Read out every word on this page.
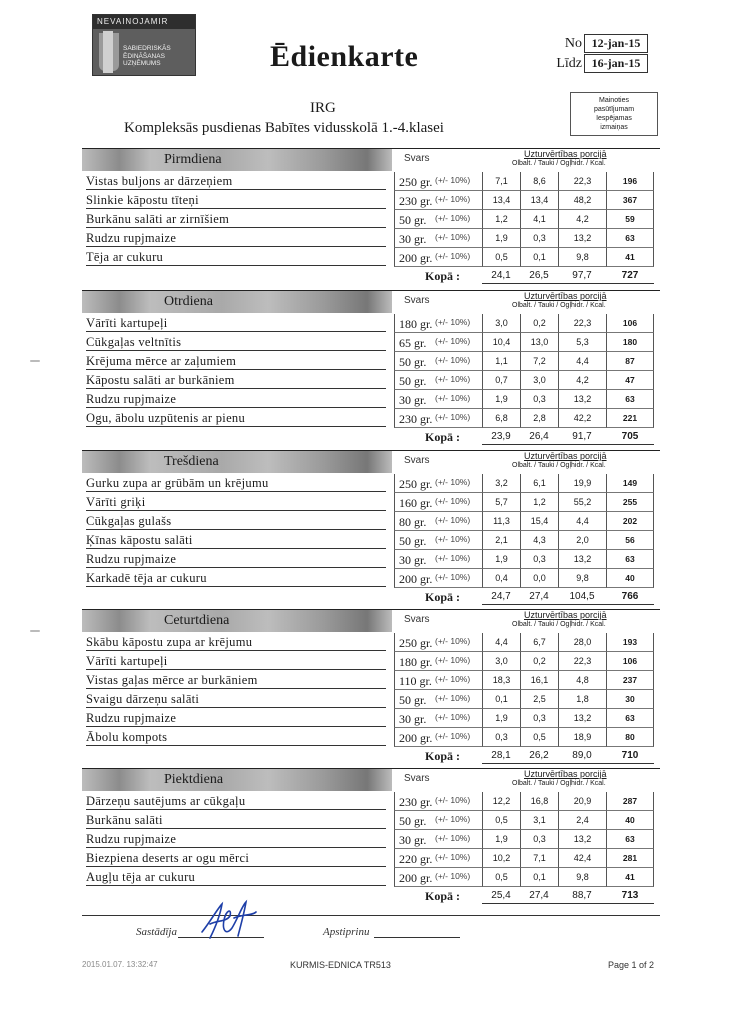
NEVAINOJAMIR
SABIEDRISKĀS
ĒDINĀŠANAS
UZŅĒMUMS	Ēdienkarte	No 12-jan-15
Līdz 16-jan-15
Mainoties
pasūtījumam
Iespējamas
izmaiņas
IRG
Kompleksās pusdienas Babītes vidusskolā 1.-4.klasei
Pirmdiena	Svars	Uzturvērtības porcijā
Olbalt. / Tauki / Ogļhidr. / Kcal.
Vistas buljons ar dārzeņiem	250 gr. (+/- 10%)	7,1	8,6	22,3	196
Slinkie kāpostu tīteņi	230 gr. (+/- 10%)	13,4	13,4	48,2	367
Burkānu salāti ar zirnīšiem	50 gr. (+/- 10%)	1,2	4,1	4,2	59
Rudzu rupjmaize	30 gr. (+/- 10%)	1,9	0,3	13,2	63
Tēja ar cukuru	200 gr. (+/- 10%)	0,5	0,1	9,8	41
Kopā :	24,1	26,5	97,7	727
Otrdiena	Svars	Uzturvērtības porcijā
Olbalt. / Tauki / Ogļhidr. / Kcal.
Vārīti kartupeļi	180 gr. (+/- 10%)	3,0	0,2	22,3	106
Cūkgaļas veltnītis	65 gr. (+/- 10%)	10,4	13,0	5,3	180
Krējuma mērce ar zaļumiem	50 gr. (+/- 10%)	1,1	7,2	4,4	87
Kāpostu salāti ar burkāniem	50 gr. (+/- 10%)	0,7	3,0	4,2	47
Rudzu rupjmaize	30 gr. (+/- 10%)	1,9	0,3	13,2	63
Ogu, ābolu uzpūtenis ar pienu	230 gr. (+/- 10%)	6,8	2,8	42,2	221
Kopā :	23,9	26,4	91,7	705
Trešdiena	Svars	Uzturvērtības porcijā
Olbalt. / Tauki / Ogļhidr. / Kcal.
Gurku zupa ar grūbām un krējumu	250 gr. (+/- 10%)	3,2	6,1	19,9	149
Vārīti griķi	160 gr. (+/- 10%)	5,7	1,2	55,2	255
Cūkgaļas gulašs	80 gr. (+/- 10%)	11,3	15,4	4,4	202
Ķīnas kāpostu salāti	50 gr. (+/- 10%)	2,1	4,3	2,0	56
Rudzu rupjmaize	30 gr. (+/- 10%)	1,9	0,3	13,2	63
Karkadē tēja ar cukuru	200 gr. (+/- 10%)	0,4	0,0	9,8	40
Kopā :	24,7	27,4	104,5	766
Ceturtdiena	Svars	Uzturvērtības porcijā
Olbalt. / Tauki / Ogļhidr. / Kcal.
Skābu kāpostu zupa ar krējumu	250 gr. (+/- 10%)	4,4	6,7	28,0	193
Vārīti kartupeļi	180 gr. (+/- 10%)	3,0	0,2	22,3	106
Vistas gaļas mērce ar burkāniem	110 gr. (+/- 10%)	18,3	16,1	4,8	237
Svaigu dārzeņu salāti	50 gr. (+/- 10%)	0,1	2,5	1,8	30
Rudzu rupjmaize	30 gr. (+/- 10%)	1,9	0,3	13,2	63
Ābolu kompots	200 gr. (+/- 10%)	0,3	0,5	18,9	80
Kopā :	28,1	26,2	89,0	710
Piektdiena	Svars	Uzturvērtības porcijā
Olbalt. / Tauki / Ogļhidr. / Kcal.
Dārzeņu sautējums ar cūkgaļu	230 gr. (+/- 10%)	12,2	16,8	20,9	287
Burkānu salāti	50 gr. (+/- 10%)	0,5	3,1	2,4	40
Rudzu rupjmaize	30 gr. (+/- 10%)	1,9	0,3	13,2	63
Biezpiena deserts ar ogu mērci	220 gr. (+/- 10%)	10,2	7,1	42,4	281
Augļu tēja ar cukuru	200 gr. (+/- 10%)	0,5	0,1	9,8	41
Kopā :	25,4	27,4	88,7	713
Sastādīja	Apstiprinu
2015.01.07. 13:32:47	KURMIS-EDNICA TR513	Page 1 of 2
